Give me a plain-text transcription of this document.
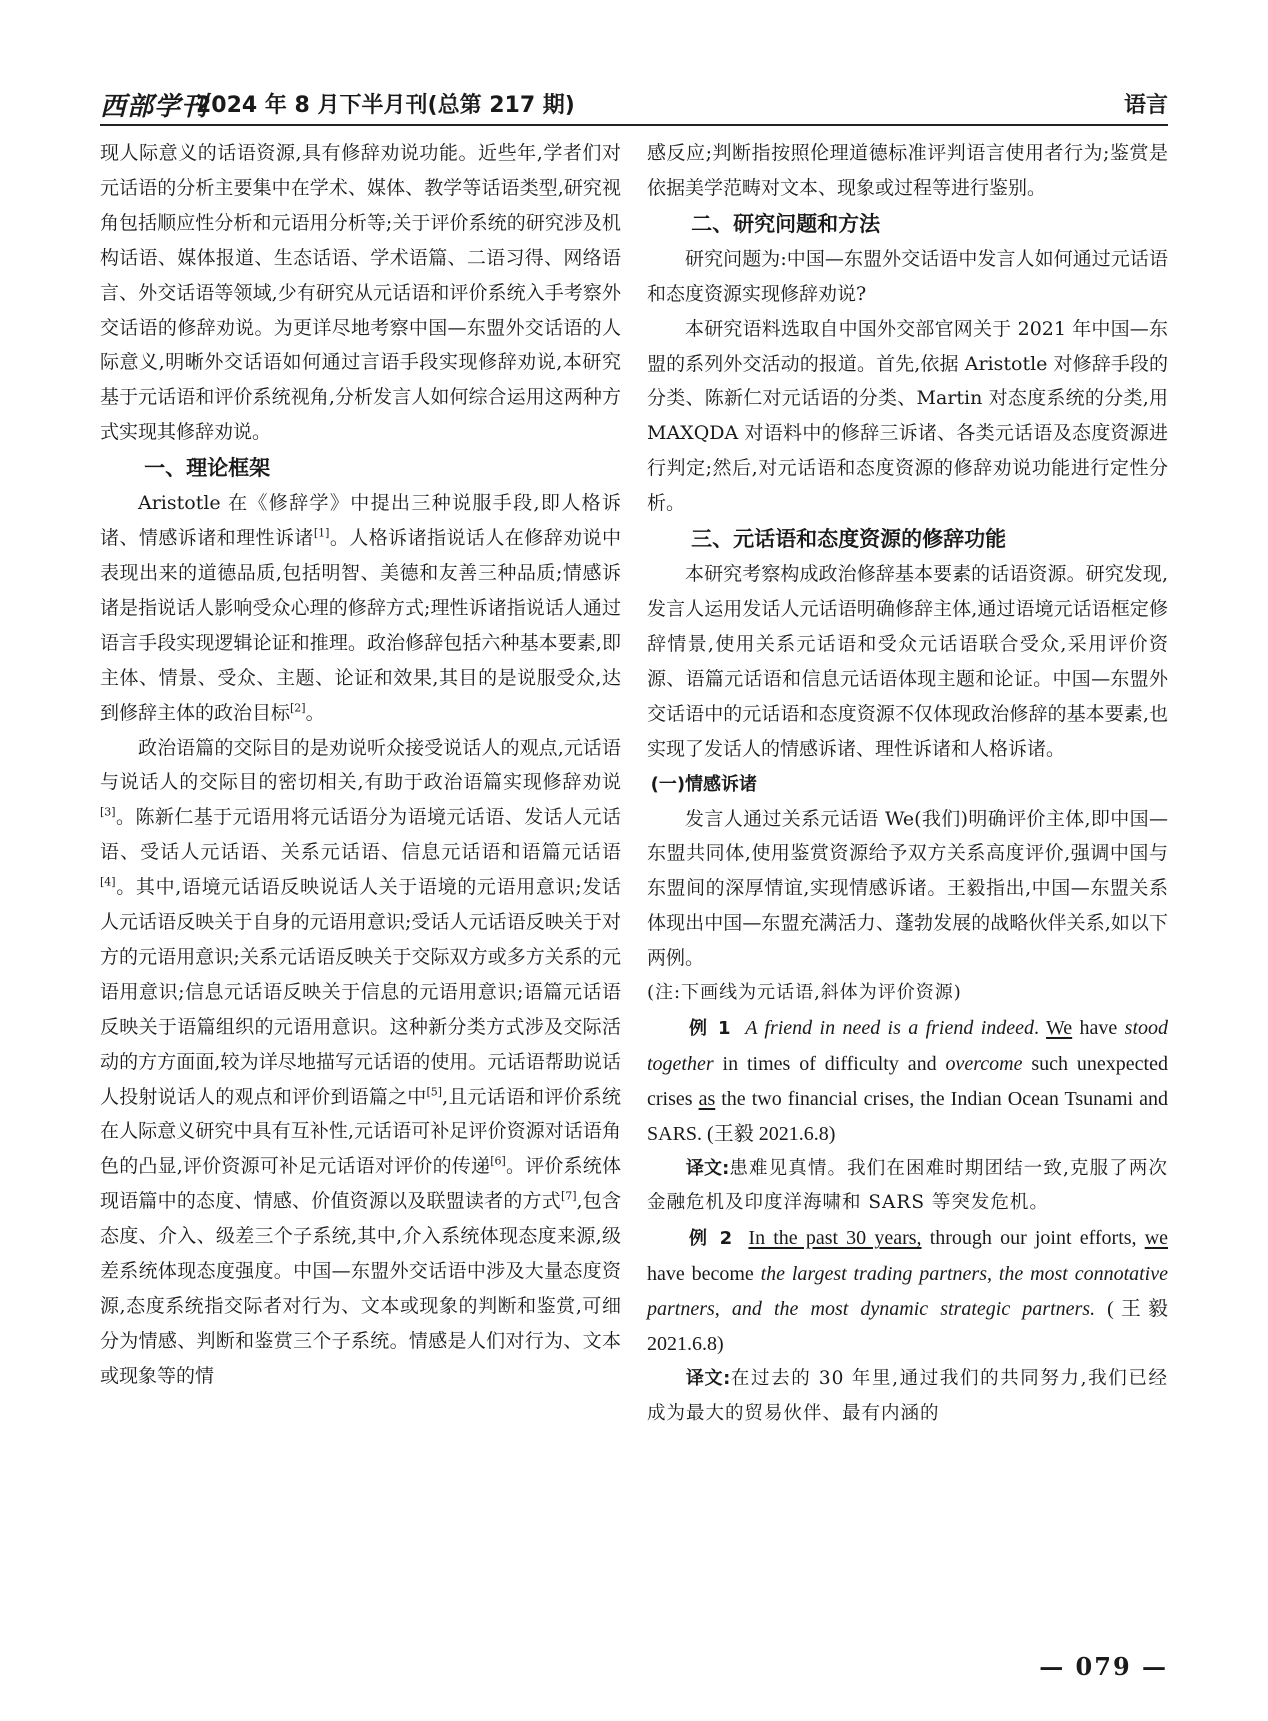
西部学刊
2024 年 8 月下半月刊(总第 217 期)	语言

现人际意义的话语资源,具有修辞劝说功能。近些年,学者们对元话语的分析主要集中在学术、媒体、教学等话语类型,研究视角包括顺应性分析和元语用分析等;关于评价系统的研究涉及机构话语、媒体报道、生态话语、学术语篇、二语习得、网络语言、外交话语等领域,少有研究从元话语和评价系统入手考察外交话语的修辞劝说。为更详尽地考察中国—东盟外交话语的人际意义,明晰外交话语如何通过言语手段实现修辞劝说,本研究基于元话语和评价系统视角,分析发言人如何综合运用这两种方式实现其修辞劝说。

一、理论框架

Aristotle 在《修辞学》中提出三种说服手段,即人格诉诸、情感诉诸和理性诉诸[1]。人格诉诸指说话人在修辞劝说中表现出来的道德品质,包括明智、美德和友善三种品质;情感诉诸是指说话人影响受众心理的修辞方式;理性诉诸指说话人通过语言手段实现逻辑论证和推理。政治修辞包括六种基本要素,即主体、情景、受众、主题、论证和效果,其目的是说服受众,达到修辞主体的政治目标[2]。

政治语篇的交际目的是劝说听众接受说话人的观点,元话语与说话人的交际目的密切相关,有助于政治语篇实现修辞劝说[3]。陈新仁基于元语用将元话语分为语境元话语、发话人元话语、受话人元话语、关系元话语、信息元话语和语篇元话语[4]。其中,语境元话语反映说话人关于语境的元语用意识;发话人元话语反映关于自身的元语用意识;受话人元话语反映关于对方的元语用意识;关系元话语反映关于交际双方或多方关系的元语用意识;信息元话语反映关于信息的元语用意识;语篇元话语反映关于语篇组织的元语用意识。这种新分类方式涉及交际活动的方方面面,较为详尽地描写元话语的使用。元话语帮助说话人投射说话人的观点和评价到语篇之中[5],且元话语和评价系统在人际意义研究中具有互补性,元话语可补足评价资源对话语角色的凸显,评价资源可补足元话语对评价的传递[6]。评价系统体现语篇中的态度、情感、价值资源以及联盟读者的方式[7],包含态度、介入、级差三个子系统,其中,介入系统体现态度来源,级差系统体现态度强度。中国—东盟外交话语中涉及大量态度资源,态度系统指交际者对行为、文本或现象的判断和鉴赏,可细分为情感、判断和鉴赏三个子系统。情感是人们对行为、文本或现象等的情

感反应;判断指按照伦理道德标准评判语言使用者行为;鉴赏是依据美学范畴对文本、现象或过程等进行鉴别。

二、研究问题和方法

研究问题为:中国—东盟外交话语中发言人如何通过元话语和态度资源实现修辞劝说?

本研究语料选取自中国外交部官网关于 2021 年中国—东盟的系列外交活动的报道。首先,依据 Aristotle 对修辞手段的分类、陈新仁对元话语的分类、Martin 对态度系统的分类,用 MAXQDA 对语料中的修辞三诉诸、各类元话语及态度资源进行判定;然后,对元话语和态度资源的修辞劝说功能进行定性分析。

三、元话语和态度资源的修辞功能

本研究考察构成政治修辞基本要素的话语资源。研究发现,发言人运用发话人元话语明确修辞主体,通过语境元话语框定修辞情景,使用关系元话语和受众元话语联合受众,采用评价资源、语篇元话语和信息元话语体现主题和论证。中国—东盟外交话语中的元话语和态度资源不仅体现政治修辞的基本要素,也实现了发话人的情感诉诸、理性诉诸和人格诉诸。

(一)情感诉诸

发言人通过关系元话语 We(我们)明确评价主体,即中国—东盟共同体,使用鉴赏资源给予双方关系高度评价,强调中国与东盟间的深厚情谊,实现情感诉诸。王毅指出,中国—东盟关系体现出中国—东盟充满活力、蓬勃发展的战略伙伴关系,如以下两例。

(注:下画线为元话语,斜体为评价资源)

例 1 A friend in need is a friend indeed. We have stood together in times of difficulty and overcome such unexpected crises as the two financial crises, the Indian Ocean Tsunami and SARS. (王毅 2021.6.8)

译文:患难见真情。我们在困难时期团结一致,克服了两次金融危机及印度洋海啸和 SARS 等突发危机。

例 2 In the past 30 years, through our joint efforts, we have become the largest trading partners, the most connotative partners, and the most dynamic strategic partners. (王毅 2021.6.8)

译文:在过去的 30 年里,通过我们的共同努力,我们已经成为最大的贸易伙伴、最有内涵的

— 079 —
